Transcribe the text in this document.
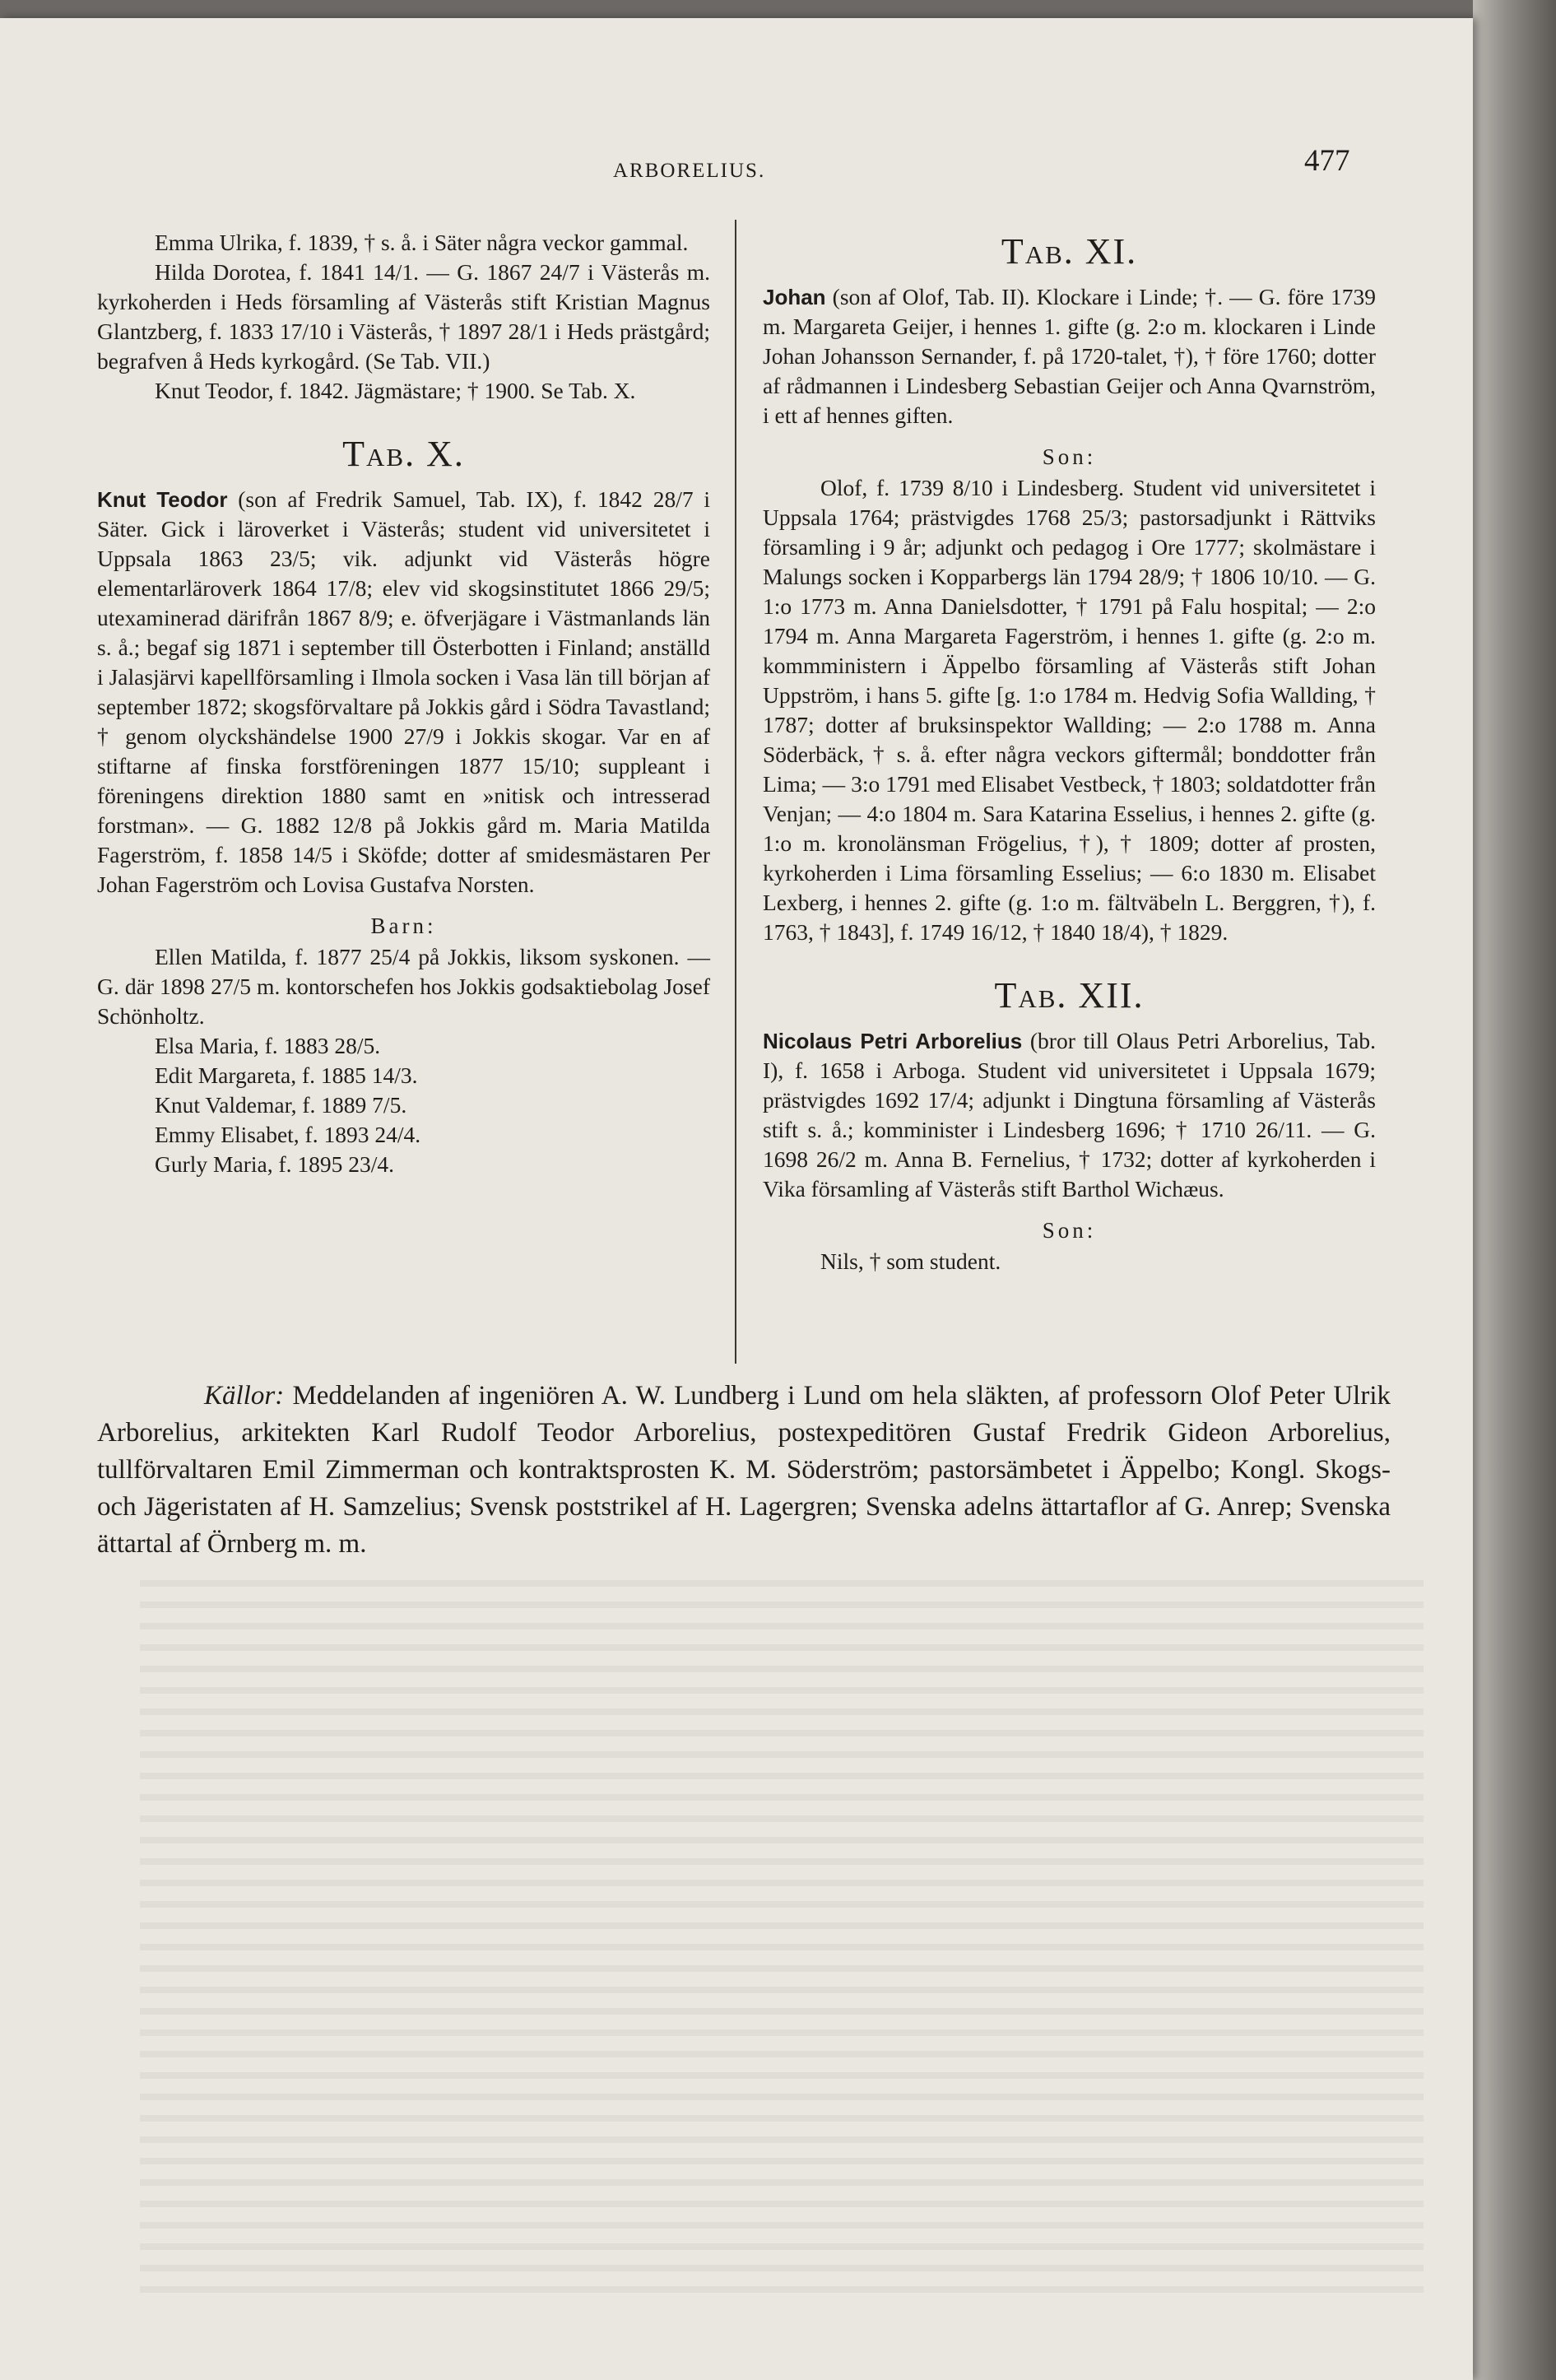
ARBORELIUS.	477

Emma Ulrika, f. 1839, † s. å. i Säter några veckor gammal.

Hilda Dorotea, f. 1841 14/1. — G. 1867 24/7 i Västerås m. kyrkoherden i Heds församling af Västerås stift Kristian Magnus Glantzberg, f. 1833 17/10 i Västerås, † 1897 28/1 i Heds prästgård; begrafven å Heds kyrkogård. (Se Tab. VII.)

Knut Teodor, f. 1842. Jägmästare; † 1900. Se Tab. X.

Tab. X.

Knut Teodor (son af Fredrik Samuel, Tab. IX), f. 1842 28/7 i Säter. Gick i läroverket i Västerås; student vid universitetet i Uppsala 1863 23/5; vik. adjunkt vid Västerås högre elementarläroverk 1864 17/8; elev vid skogsinstitutet 1866 29/5; utexaminerad därifrån 1867 8/9; e. öfverjägare i Västmanlands län s. å.; begaf sig 1871 i september till Österbotten i Finland; anställd i Jalasjärvi kapellförsamling i Ilmola socken i Vasa län till början af september 1872; skogsförvaltare på Jokkis gård i Södra Tavastland; † genom olyckshändelse 1900 27/9 i Jokkis skogar. Var en af stiftarne af finska forstföreningen 1877 15/10; suppleant i föreningens direktion 1880 samt en »nitisk och intresserad forstman». — G. 1882 12/8 på Jokkis gård m. Maria Matilda Fagerström, f. 1858 14/5 i Sköfde; dotter af smidesmästaren Per Johan Fagerström och Lovisa Gustafva Norsten.

Barn:

Ellen Matilda, f. 1877 25/4 på Jokkis, liksom syskonen. — G. där 1898 27/5 m. kontorschefen hos Jokkis godsaktiebolag Josef Schönholtz.

Elsa Maria, f. 1883 28/5.

Edit Margareta, f. 1885 14/3.

Knut Valdemar, f. 1889 7/5.

Emmy Elisabet, f. 1893 24/4.

Gurly Maria, f. 1895 23/4.

Tab. XI.

Johan (son af Olof, Tab. II). Klockare i Linde; †. — G. före 1739 m. Margareta Geijer, i hennes 1. gifte (g. 2:o m. klockaren i Linde Johan Johansson Sernander, f. på 1720-talet, †), † före 1760; dotter af rådmannen i Lindesberg Sebastian Geijer och Anna Qvarnström, i ett af hennes giften.

Son:

Olof, f. 1739 8/10 i Lindesberg. Student vid universitetet i Uppsala 1764; prästvigdes 1768 25/3; pastorsadjunkt i Rättviks församling i 9 år; adjunkt och pedagog i Ore 1777; skolmästare i Malungs socken i Kopparbergs län 1794 28/9; † 1806 10/10. — G. 1:o 1773 m. Anna Danielsdotter, † 1791 på Falu hospital; — 2:o 1794 m. Anna Margareta Fagerström, i hennes 1. gifte (g. 2:o m. kommministern i Äppelbo församling af Västerås stift Johan Uppström, i hans 5. gifte [g. 1:o 1784 m. Hedvig Sofia Wallding, † 1787; dotter af bruksinspektor Wallding; — 2:o 1788 m. Anna Söderbäck, † s. å. efter några veckors giftermål; bonddotter från Lima; — 3:o 1791 med Elisabet Vestbeck, † 1803; soldatdotter från Venjan; — 4:o 1804 m. Sara Katarina Esselius, i hennes 2. gifte (g. 1:o m. kronolänsman Frögelius, †), † 1809; dotter af prosten, kyrkoherden i Lima församling Esselius; — 6:o 1830 m. Elisabet Lexberg, i hennes 2. gifte (g. 1:o m. fältväbeln L. Berggren, †), f. 1763, † 1843], f. 1749 16/12, † 1840 18/4), † 1829.

Tab. XII.

Nicolaus Petri Arborelius (bror till Olaus Petri Arborelius, Tab. I), f. 1658 i Arboga. Student vid universitetet i Uppsala 1679; prästvigdes 1692 17/4; adjunkt i Dingtuna församling af Västerås stift s. å.; komminister i Lindesberg 1696; † 1710 26/11. — G. 1698 26/2 m. Anna B. Fernelius, † 1732; dotter af kyrkoherden i Vika församling af Västerås stift Barthol Wichæus.

Son:

Nils, † som student.

Källor: Meddelanden af ingeniören A. W. Lundberg i Lund om hela släkten, af professorn Olof Peter Ulrik Arborelius, arkitekten Karl Rudolf Teodor Arborelius, postexpeditören Gustaf Fredrik Gideon Arborelius, tullförvaltaren Emil Zimmerman och kontraktsprosten K. M. Söderström; pastorsämbetet i Äppelbo; Kongl. Skogs- och Jägeristaten af H. Samzelius; Svensk poststrikel af H. Lagergren; Svenska adelns ättartaflor af G. Anrep; Svenska ättartal af Örnberg m. m.
